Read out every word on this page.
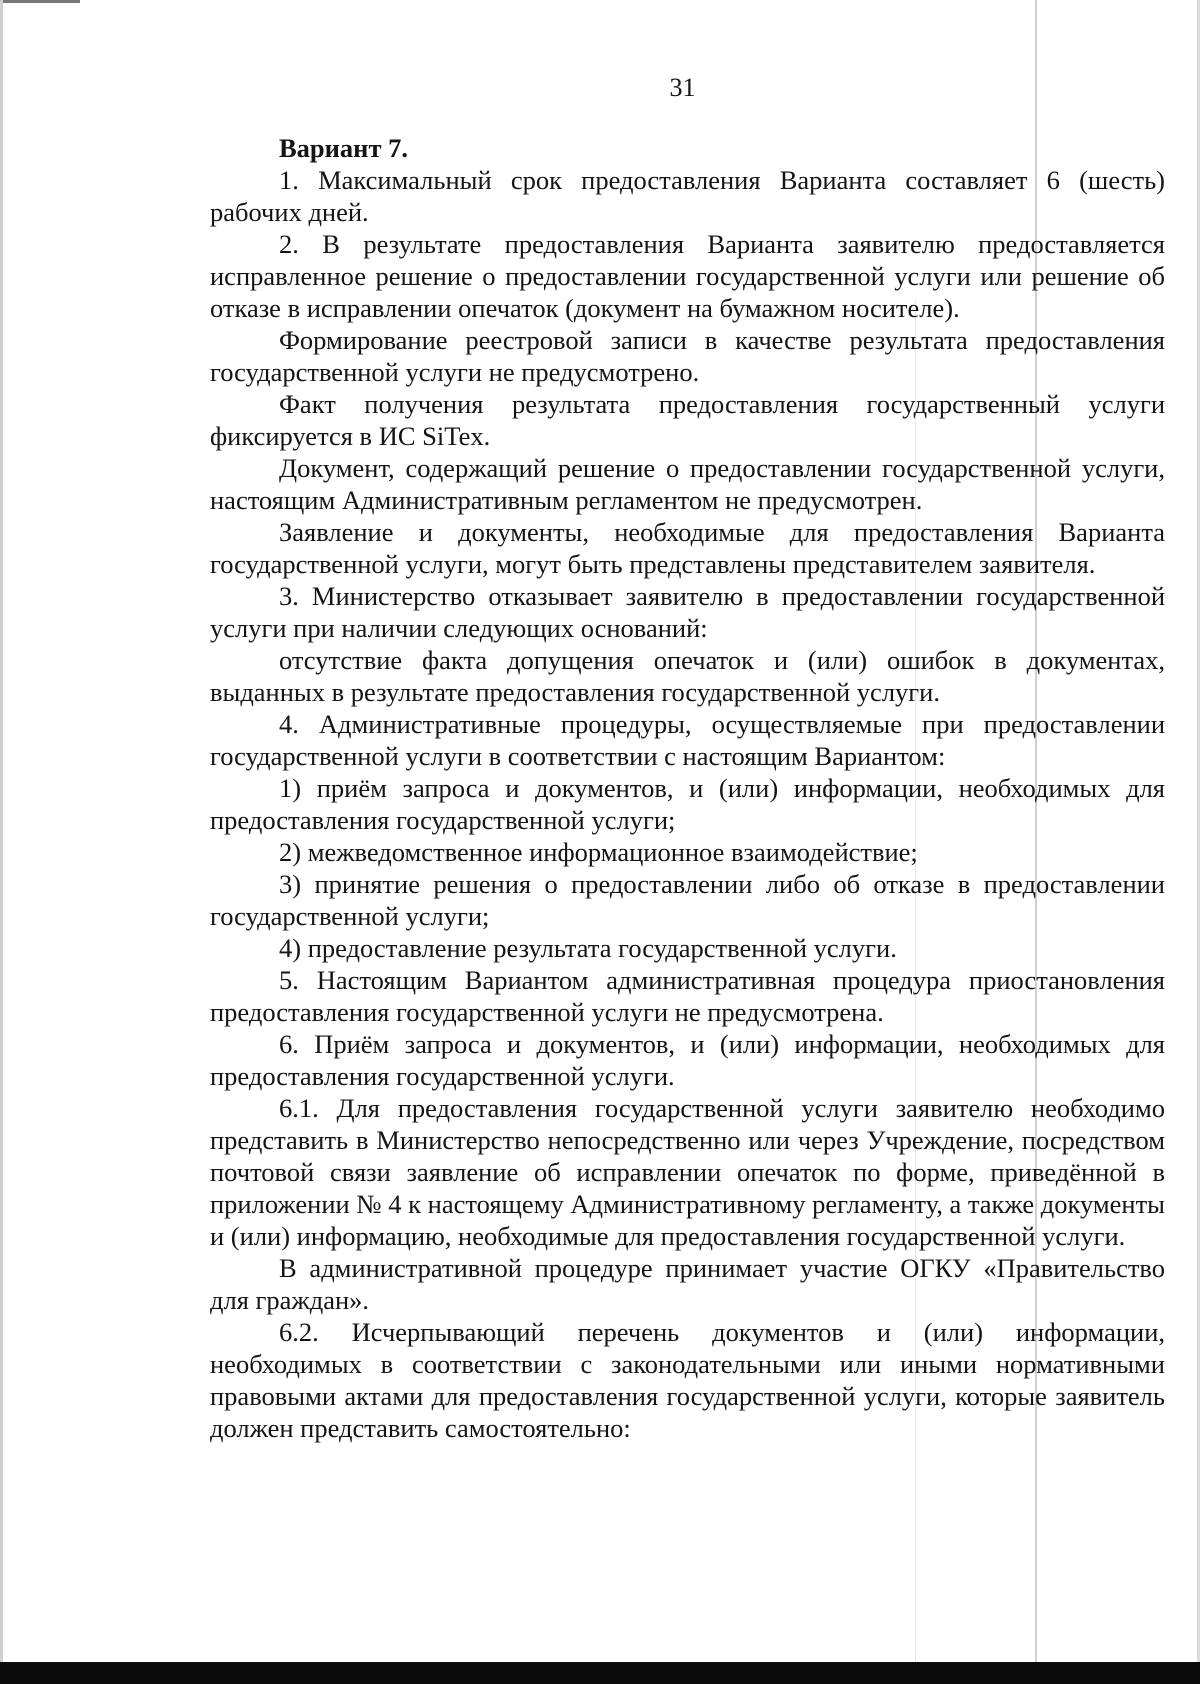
31

Вариант 7.

1. Максимальный срок предоставления Варианта составляет 6 (шесть) рабочих дней.

2. В результате предоставления Варианта заявителю предоставляется исправленное решение о предоставлении государственной услуги или решение об отказе в исправлении опечаток (документ на бумажном носителе).

Формирование реестровой записи в качестве результата предоставления государственной услуги не предусмотрено.

Факт получения результата предоставления государственный услуги фиксируется в ИС SiTex.

Документ, содержащий решение о предоставлении государственной услуги, настоящим Административным регламентом не предусмотрен.

Заявление и документы, необходимые для предоставления Варианта государственной услуги, могут быть представлены представителем заявителя.

3. Министерство отказывает заявителю в предоставлении государственной услуги при наличии следующих оснований:

отсутствие факта допущения опечаток и (или) ошибок в документах, выданных в результате предоставления государственной услуги.

4. Административные процедуры, осуществляемые при предоставлении государственной услуги в соответствии с настоящим Вариантом:

1) приём запроса и документов, и (или) информации, необходимых для предоставления государственной услуги;

2) межведомственное информационное взаимодействие;

3) принятие решения о предоставлении либо об отказе в предоставлении государственной услуги;

4) предоставление результата государственной услуги.

5. Настоящим Вариантом административная процедура приостановления предоставления государственной услуги не предусмотрена.

6. Приём запроса и документов, и (или) информации, необходимых для предоставления государственной услуги.

6.1. Для предоставления государственной услуги заявителю необходимо представить в Министерство непосредственно или через Учреждение, посредством почтовой связи заявление об исправлении опечаток по форме, приведённой в приложении № 4 к настоящему Административному регламенту, а также документы и (или) информацию, необходимые для предоставления государственной услуги.

В административной процедуре принимает участие ОГКУ «Правительство для граждан».

6.2. Исчерпывающий перечень документов и (или) информации, необходимых в соответствии с законодательными или иными нормативными правовыми актами для предоставления государственной услуги, которые заявитель должен представить самостоятельно:
